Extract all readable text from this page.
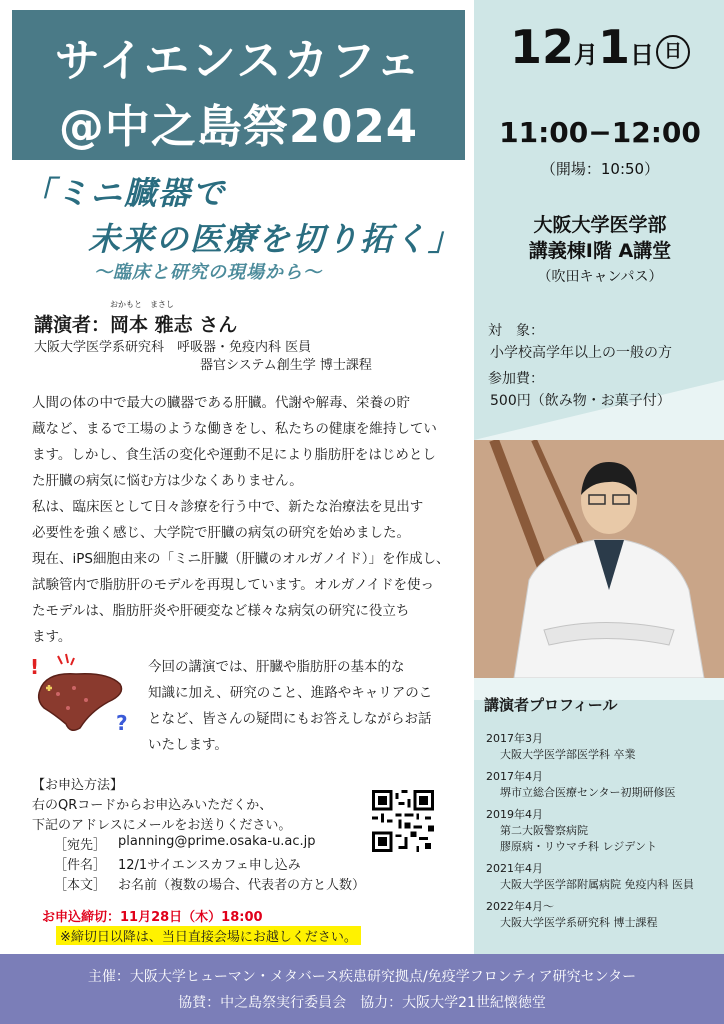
サイエンスカフェ
@中之島祭2024
12月1日 日
11:00−12:00
（開場：10:50）
大阪大学医学部
講義棟Ⅰ階 A講堂
（吹田キャンパス）
対　象：
小学校高学年以上の一般の方
参加費：
500円（飲み物・お菓子付）
「ミニ臓器で
未来の医療を切り拓く」
〜臨床と研究の現場から〜
おかもと　まさし
講演者：岡本 雅志 さん
大阪大学医学系研究科　呼吸器・免疫内科 医員
器官システム創生学 博士課程
人間の体の中で最大の臓器である肝臓。代謝や解毒、栄養の貯
蔵など、まるで工場のような働きをし、私たちの健康を維持してい
ます。しかし、食生活の変化や運動不足により脂肪肝をはじめとし
た肝臓の病気に悩む方は少なくありません。
私は、臨床医として日々診療を行う中で、新たな治療法を見出す
必要性を強く感じ、大学院で肝臓の病気の研究を始めました。
現在、iPS細胞由来の「ミニ肝臓（肝臓のオルガノイド）」を作成し、
試験管内で脂肪肝のモデルを再現しています。オルガノイドを使っ
たモデルは、脂肪肝炎や肝硬変など様々な病気の研究に役立ち
ます。
!
?
今回の講演では、肝臓や脂肪肝の基本的な
知識に加え、研究のこと、進路やキャリアのこ
となど、皆さんの疑問にもお答えしながらお話
いたします。
【お申込方法】
右のQRコードからお申込みいただくか、
下記のアドレスにメールをお送りください。
［宛先］ planning@prime.osaka-u.ac.jp
［件名］ 12/1サイエンスカフェ申し込み
［本文］ お名前（複数の場合、代表者の方と人数）
お申込締切：11月28日（木）18:00
※締切日以降は、当日直接会場にお越しください。
講演者プロフィール
2017年3月
大阪大学医学部医学科 卒業
2017年4月
堺市立総合医療センター初期研修医
2019年4月
第二大阪警察病院
膠原病・リウマチ科 レジデント
2021年4月
大阪大学医学部附属病院 免疫内科 医員
2022年4月〜
大阪大学医学系研究科 博士課程
主催：大阪大学ヒューマン・メタバース疾患研究拠点/免疫学フロンティア研究センター
協賛：中之島祭実行委員会　協力：大阪大学21世紀懐徳堂
